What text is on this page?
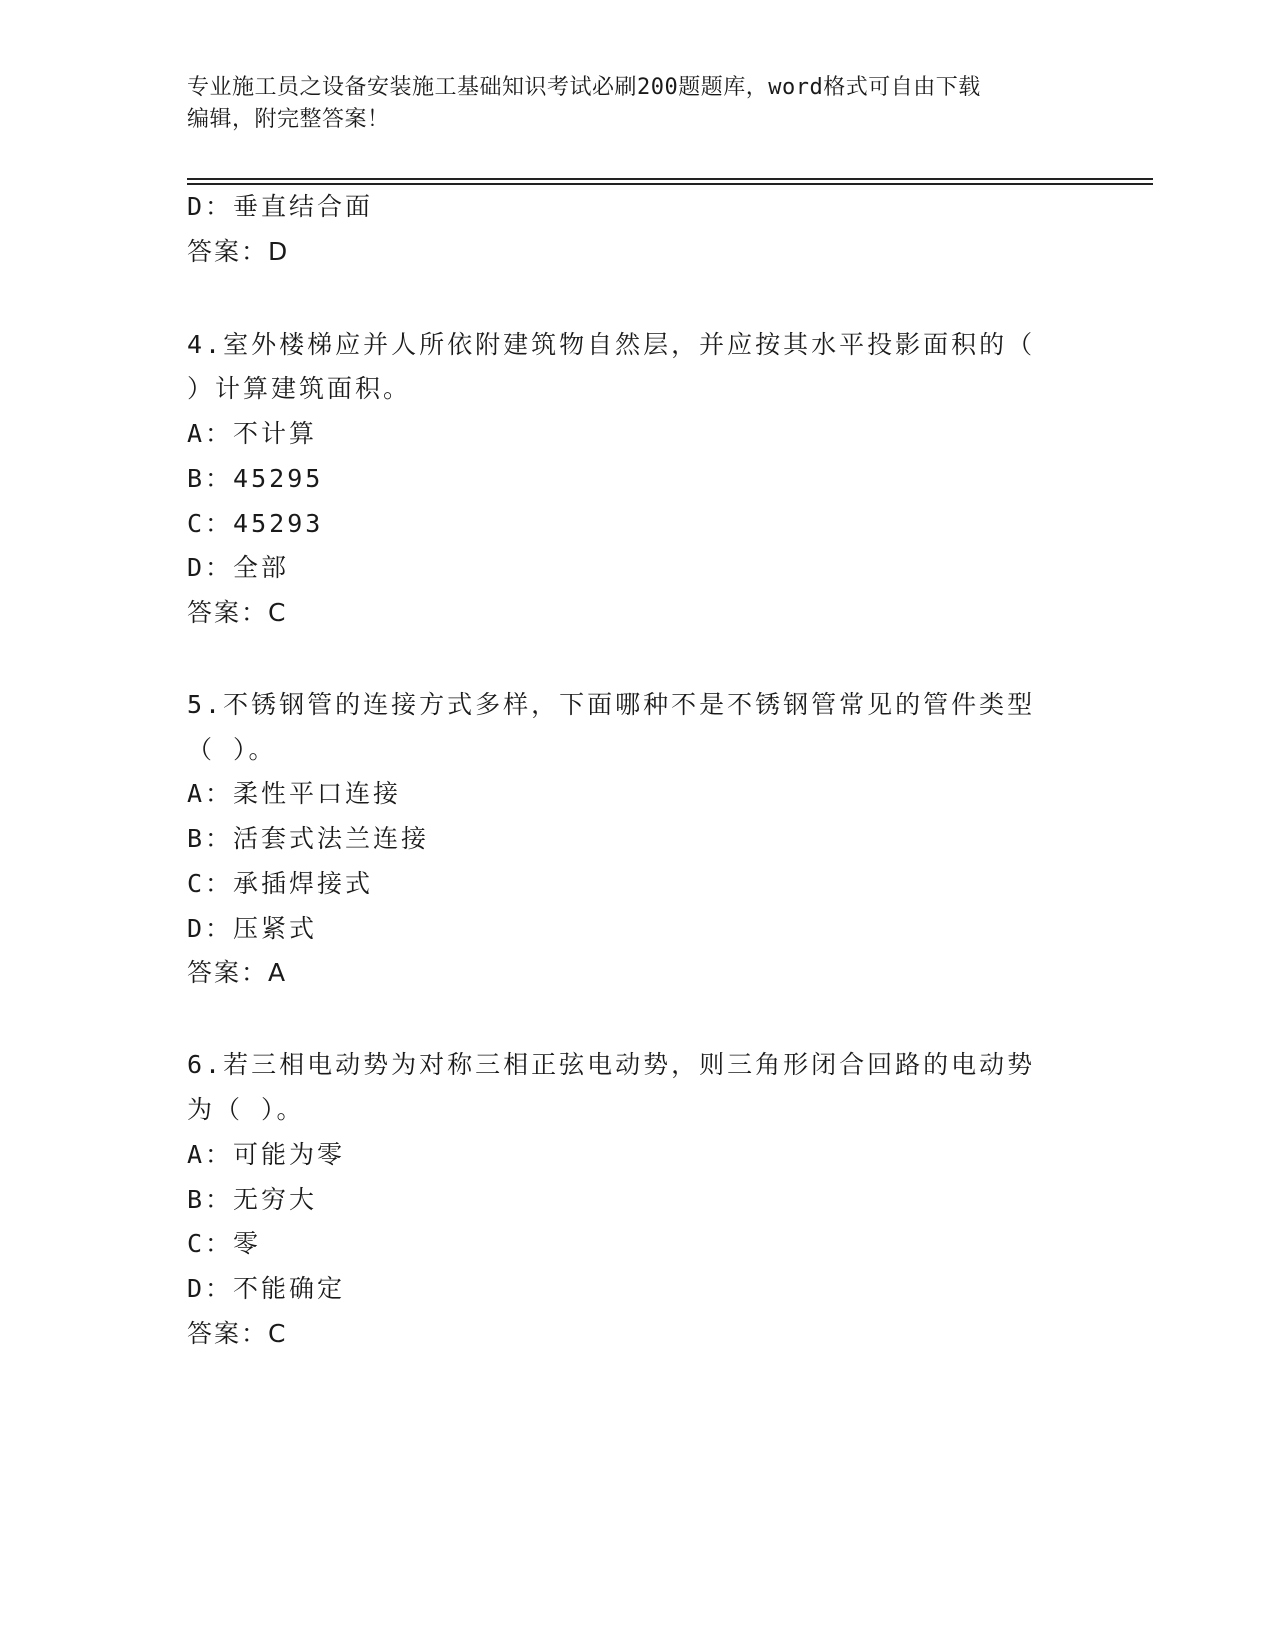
专业施工员之设备安装施工基础知识考试必刷200题题库，word格式可自由下载
编辑，附完整答案！
D：垂直结合面
答案：D
4.室外楼梯应并人所依附建筑物自然层，并应按其水平投影面积的（
）计算建筑面积。
A：不计算
B：45295
C：45293
D：全部
答案：C
5.不锈钢管的连接方式多样，下面哪种不是不锈钢管常见的管件类型
（ ）。
A：柔性平口连接
B：活套式法兰连接
C：承插焊接式
D：压紧式
答案：A
6.若三相电动势为对称三相正弦电动势，则三角形闭合回路的电动势
为（ ）。
A：可能为零
B：无穷大
C：零
D：不能确定
答案：C
